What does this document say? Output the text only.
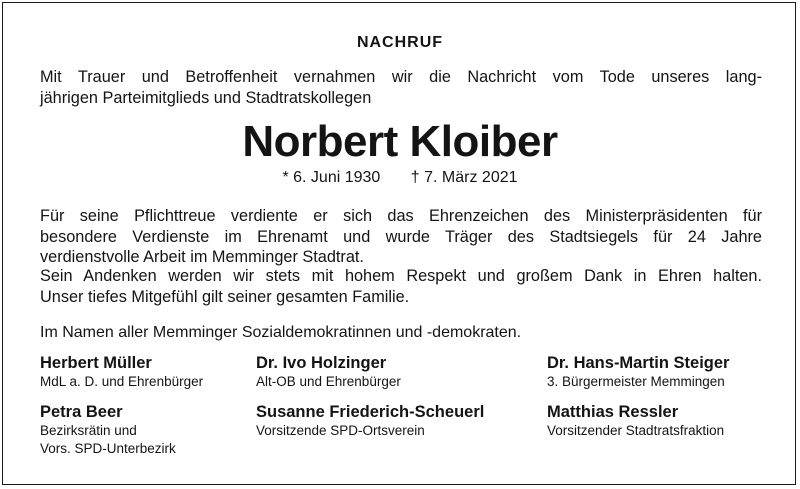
NACHRUF
Mit Trauer und Betroffenheit vernahmen wir die Nachricht vom Tode unseres lang-
jährigen Parteimitglieds und Stadtratskollegen
Norbert Kloiber
* 6. Juni 1930 † 7. März 2021
Für seine Pflichttreue verdiente er sich das Ehrenzeichen des Ministerpräsidenten für
besondere Verdienste im Ehrenamt und wurde Träger des Stadtsiegels für 24 Jahre
verdienstvolle Arbeit im Memminger Stadtrat.
Sein Andenken werden wir stets mit hohem Respekt und großem Dank in Ehren halten.
Unser tiefes Mitgefühl gilt seiner gesamten Familie.
Im Namen aller Memminger Sozialdemokratinnen und -demokraten.
Herbert Müller
MdL a. D. und Ehrenbürger
Dr. Ivo Holzinger
Alt-OB und Ehrenbürger
Dr. Hans-Martin Steiger
3. Bürgermeister Memmingen
Petra Beer
Bezirksrätin und
Vors. SPD-Unterbezirk
Susanne Friederich-Scheuerl
Vorsitzende SPD-Ortsverein
Matthias Ressler
Vorsitzender Stadtratsfraktion
